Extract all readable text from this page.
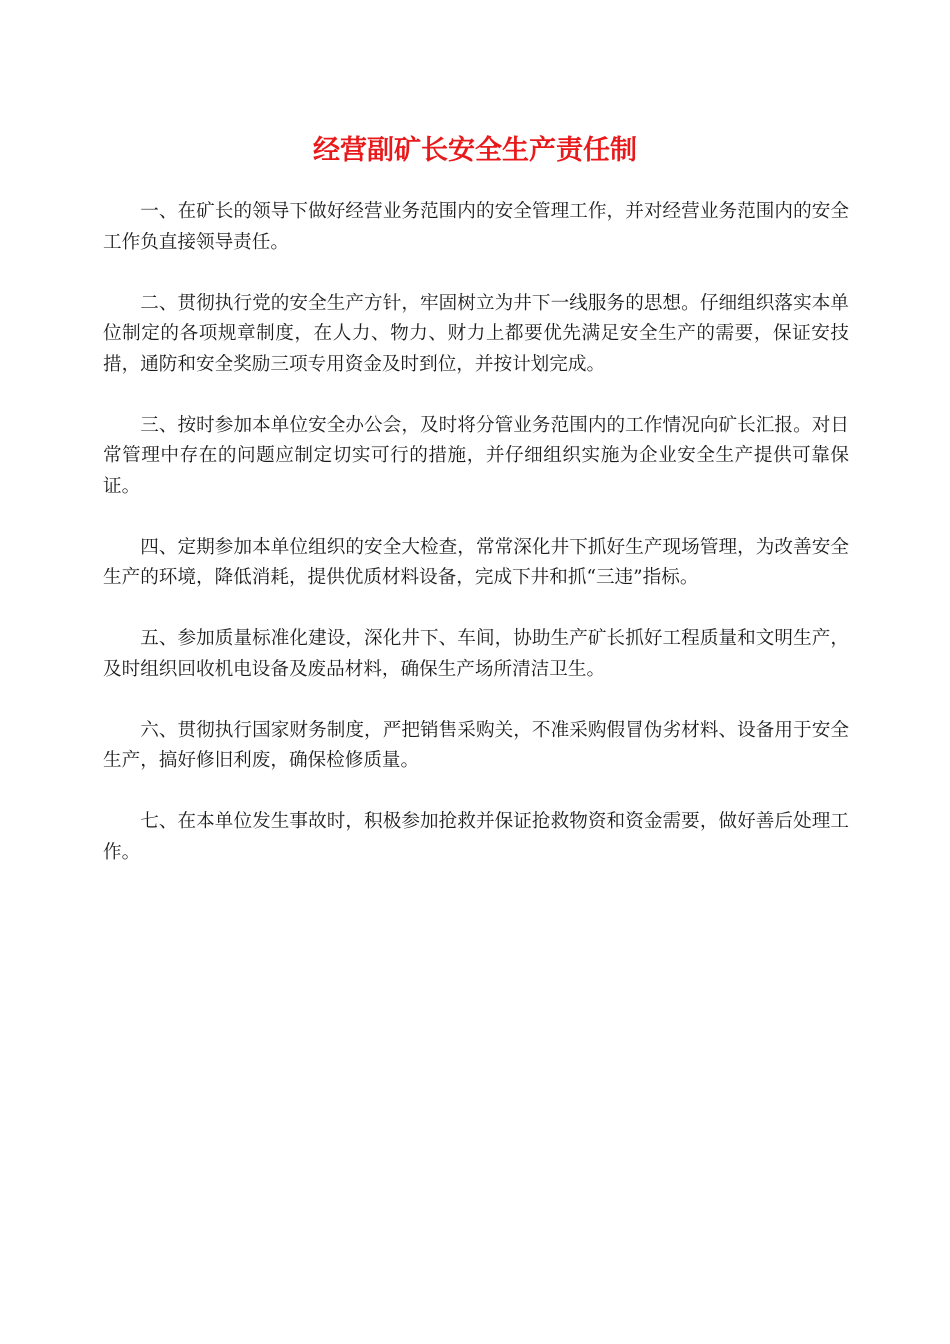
经营副矿长安全生产责任制

一、在矿长的领导下做好经营业务范围内的安全管理工作，并对经营业务范围内的安全工作负直接领导责任。

二、贯彻执行党的安全生产方针，牢固树立为井下一线服务的思想。仔细组织落实本单位制定的各项规章制度，在人力、物力、财力上都要优先满足安全生产的需要，保证安技措，通防和安全奖励三项专用资金及时到位，并按计划完成。

三、按时参加本单位安全办公会，及时将分管业务范围内的工作情况向矿长汇报。对日常管理中存在的问题应制定切实可行的措施，并仔细组织实施为企业安全生产提供可靠保证。

四、定期参加本单位组织的安全大检查，常常深化井下抓好生产现场管理，为改善安全生产的环境，降低消耗，提供优质材料设备，完成下井和抓“三违”指标。

五、参加质量标准化建设，深化井下、车间，协助生产矿长抓好工程质量和文明生产，及时组织回收机电设备及废品材料，确保生产场所清洁卫生。

六、贯彻执行国家财务制度，严把销售采购关，不准采购假冒伪劣材料、设备用于安全生产，搞好修旧利废，确保检修质量。

七、在本单位发生事故时，积极参加抢救并保证抢救物资和资金需要，做好善后处理工作。
